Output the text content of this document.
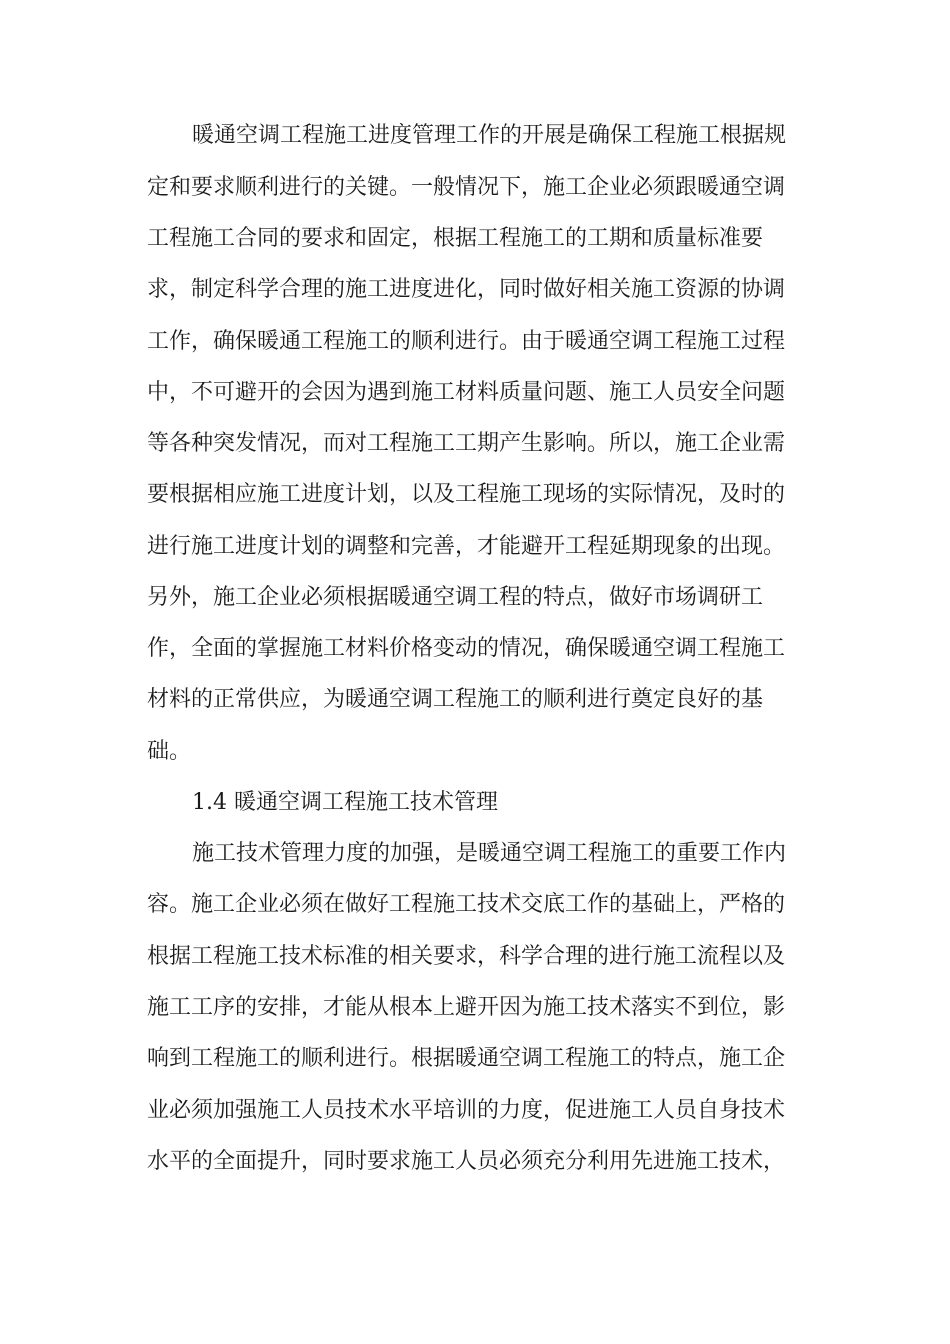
暖通空调工程施工进度管理工作的开展是确保工程施工根据规
定和要求顺利进行的关键。一般情况下，施工企业必须跟暖通空调
工程施工合同的要求和固定，根据工程施工的工期和质量标准要
求，制定科学合理的施工进度进化，同时做好相关施工资源的协调
工作，确保暖通工程施工的顺利进行。由于暖通空调工程施工过程
中，不可避开的会因为遇到施工材料质量问题、施工人员安全问题
等各种突发情况，而对工程施工工期产生影响。所以，施工企业需
要根据相应施工进度计划，以及工程施工现场的实际情况，及时的
进行施工进度计划的调整和完善，才能避开工程延期现象的出现。
另外，施工企业必须根据暖通空调工程的特点，做好市场调研工
作，全面的掌握施工材料价格变动的情况，确保暖通空调工程施工
材料的正常供应，为暖通空调工程施工的顺利进行奠定良好的基
础。
1.4 暖通空调工程施工技术管理
施工技术管理力度的加强，是暖通空调工程施工的重要工作内
容。施工企业必须在做好工程施工技术交底工作的基础上，严格的
根据工程施工技术标准的相关要求，科学合理的进行施工流程以及
施工工序的安排，才能从根本上避开因为施工技术落实不到位，影
响到工程施工的顺利进行。根据暖通空调工程施工的特点，施工企
业必须加强施工人员技术水平培训的力度，促进施工人员自身技术
水平的全面提升，同时要求施工人员必须充分利用先进施工技术，
